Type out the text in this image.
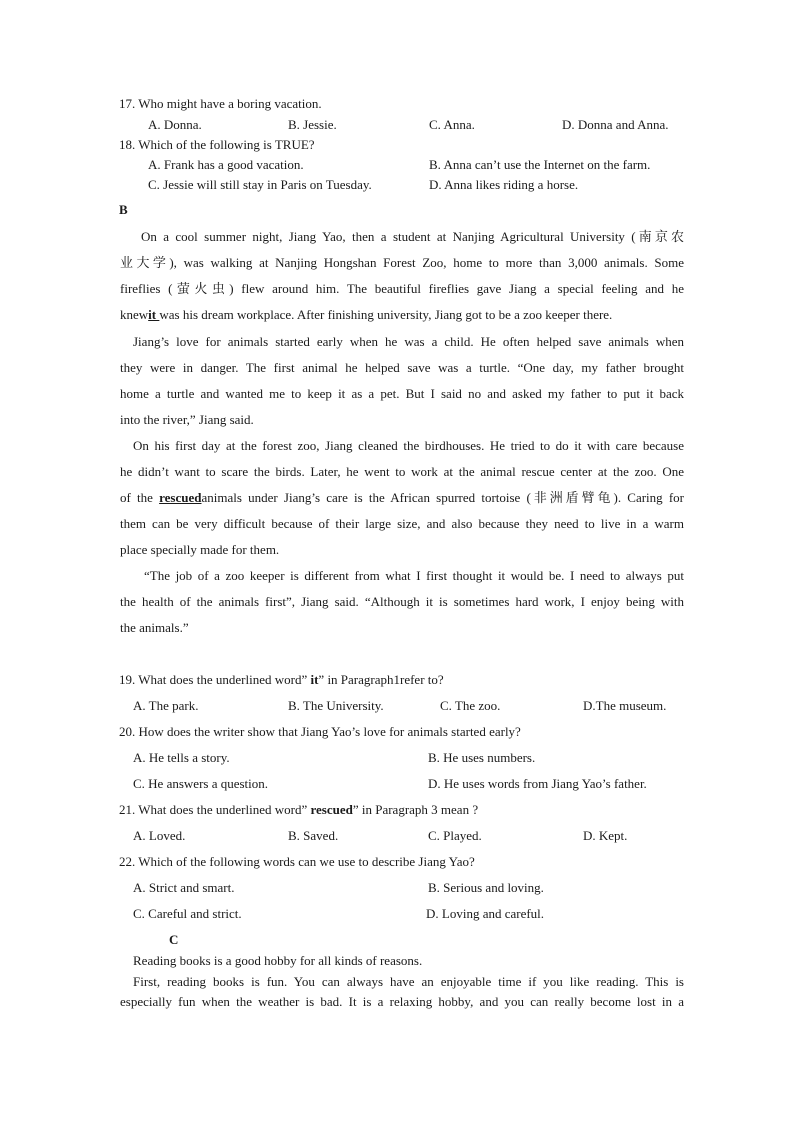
17. Who might have a boring vacation.
A. Donna.	B. Jessie.	C. Anna.	D. Donna and Anna.
18. Which of the following is TRUE?
A. Frank has a good vacation.	B. Anna can’t use the Internet on the farm.
C. Jessie will still stay in Paris on Tuesday.	D. Anna likes riding a horse.
B
On a cool summer night, Jiang Yao, then a student at Nanjing Agricultural University (南京农
业大学), was walking at Nanjing Hongshan Forest Zoo, home to more than 3,000 animals. Some
fireflies (萤火虫) flew around him. The beautiful fireflies gave Jiang a special feeling and he
knewit was his dream workplace. After finishing university, Jiang got to be a zoo keeper there.
Jiang’s love for animals started early when he was a child. He often helped save animals when
they were in danger. The first animal he helped save was a turtle. “One day, my father brought
home a turtle and wanted me to keep it as a pet. But I said no and asked my father to put it back
into the river,” Jiang said.
On his first day at the forest zoo, Jiang cleaned the birdhouses. He tried to do it with care because
he didn’t want to scare the birds. Later, he went to work at the animal rescue center at the zoo. One
of the rescuedanimals under Jiang’s care is the African spurred tortoise (非洲盾臂龟). Caring for
them can be very difficult because of their large size, and also because they need to live in a warm
place specially made for them.
“The job of a zoo keeper is different from what I first thought it would be. I need to always put
the health of the animals first”, Jiang said. “Although it is sometimes hard work, I enjoy being with
the animals.”
19. What does the underlined word” it” in Paragraph1refer to?
A. The park.	B. The University.	C. The zoo.	D.The museum.
20. How does the writer show that Jiang Yao’s love for animals started early?
A. He tells a story.	B. He uses numbers.
C. He answers a question.	D. He uses words from Jiang Yao’s father.
21. What does the underlined word” rescued” in Paragraph 3 mean ?
A. Loved.	B. Saved.	C. Played.	D. Kept.
22. Which of the following words can we use to describe Jiang Yao?
A. Strict and smart.	B. Serious and loving.
C. Careful and strict.	D. Loving and careful.
C
Reading books is a good hobby for all kinds of reasons.
First, reading books is fun. You can always have an enjoyable time if you like reading. This is
especially fun when the weather is bad. It is a relaxing hobby, and you can really become lost in a
